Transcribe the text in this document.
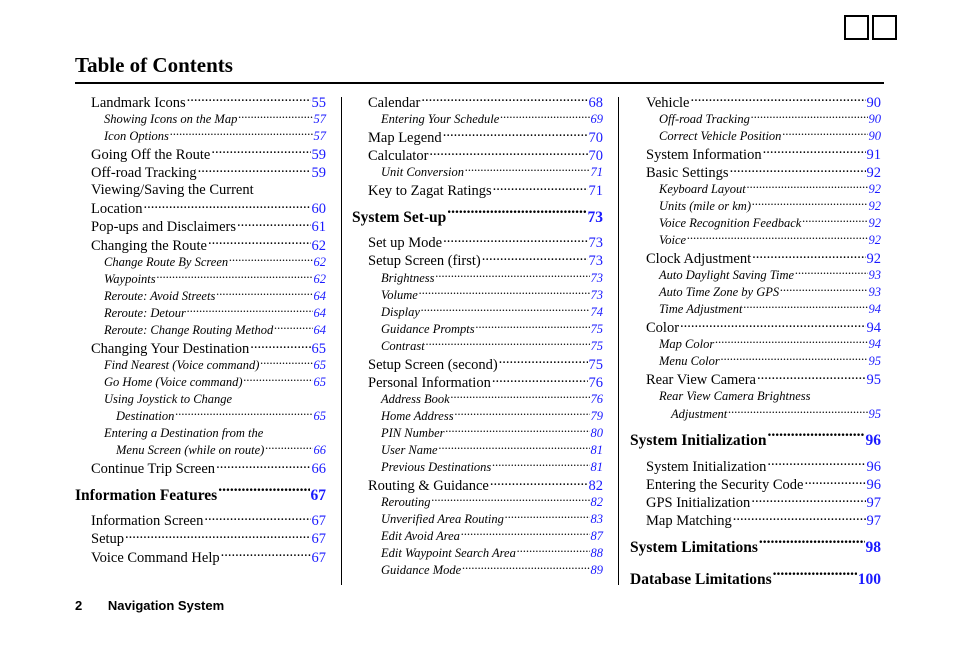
Table of Contents
Landmark Icons .....	55
Showing Icons on the Map .....	57
Icon Options .....	57
Going Off the Route .....	59
Off-road Tracking .....	59
Viewing/Saving the Current
Location .....	60
Pop-ups and Disclaimers .....	61
Changing the Route .....	62
Change Route By Screen .....	62
Waypoints .....	62
Reroute: Avoid Streets .....	64
Reroute: Detour .....	64
Reroute: Change Routing Method .....	64
Changing Your Destination .....	65
Find Nearest (Voice command) .....	65
Go Home (Voice command) .....	65
Using Joystick to Change
Destination .....	65
Entering a Destination from the
Menu Screen (while on route) .....	66
Continue Trip Screen .....	66
Information Features .....	67
Information Screen .....	67
Setup .....	67
Voice Command Help .....	67
Calendar .....	68
Entering Your Schedule .....	69
Map Legend .....	70
Calculator .....	70
Unit Conversion .....	71
Key to Zagat Ratings .....	71
System Set-up .....	73
Set up Mode .....	73
Setup Screen (first) .....	73
Brightness .....	73
Volume .....	73
Display .....	74
Guidance Prompts .....	75
Contrast .....	75
Setup Screen (second) .....	75
Personal Information .....	76
Address Book .....	76
Home Address .....	79
PIN Number .....	80
User Name .....	81
Previous Destinations .....	81
Routing & Guidance .....	82
Rerouting .....	82
Unverified Area Routing .....	83
Edit Avoid Area .....	87
Edit Waypoint Search Area .....	88
Guidance Mode .....	89
Vehicle .....	90
Off-road Tracking .....	90
Correct Vehicle Position .....	90
System Information .....	91
Basic Settings .....	92
Keyboard Layout .....	92
Units (mile or km) .....	92
Voice Recognition Feedback .....	92
Voice .....	92
Clock Adjustment .....	92
Auto Daylight Saving Time .....	93
Auto Time Zone by GPS .....	93
Time Adjustment .....	94
Color .....	94
Map Color .....	94
Menu Color .....	95
Rear View Camera .....	95
Rear View Camera Brightness
Adjustment .....	95
System Initialization .....	96
System Initialization .....	96
Entering the Security Code .....	96
GPS Initialization .....	97
Map Matching .....	97
System Limitations .....	98
Database Limitations .....	100
2 Navigation System
